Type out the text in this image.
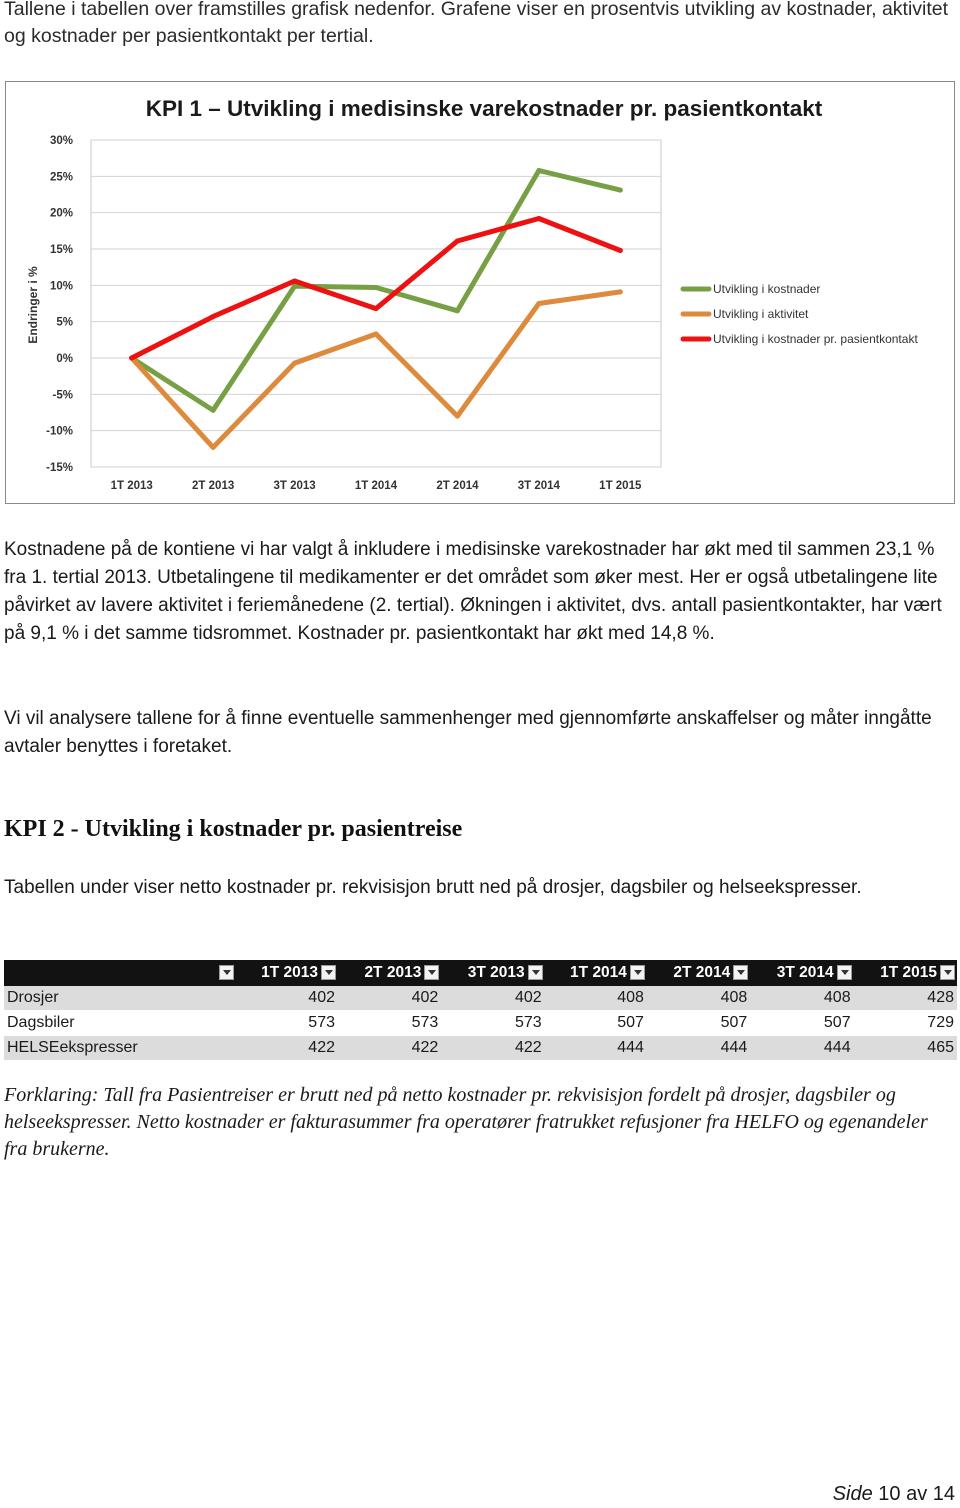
Tallene i tabellen over framstilles grafisk nedenfor. Grafene viser en prosentvis utvikling av kostnader, aktivitet og kostnader per pasientkontakt per tertial.

KPI 1 – Utvikling i medisinske varekostnader pr. pasientkontakt
Endringer i %
30%
25%
20%
15%
10%
5%
0%
-5%
-10%
-15%
1T 2013	2T 2013	3T 2013	1T 2014	2T 2014	3T 2014	1T 2015
Utvikling i kostnader
Utvikling i aktivitet
Utvikling i kostnader pr. pasientkontakt

Kostnadene på de kontiene vi har valgt å inkludere i medisinske varekostnader har økt med til sammen 23,1 % fra 1. tertial 2013. Utbetalingene til medikamenter er det området som øker mest. Her er også utbetalingene lite påvirket av lavere aktivitet i feriemånedene (2. tertial). Økningen i aktivitet, dvs. antall pasientkontakter, har vært på 9,1 % i det samme tidsrommet. Kostnader pr. pasientkontakt har økt med 14,8 %.

Vi vil analysere tallene for å finne eventuelle sammenhenger med gjennomførte anskaffelser og måter inngåtte avtaler benyttes i foretaket.

KPI 2 - Utvikling i kostnader pr. pasientreise

Tabellen under viser netto kostnader pr. rekvisisjon brutt ned på drosjer, dagsbiler og helseekspresser.

	1T 2013	2T 2013	3T 2013	1T 2014	2T 2014	3T 2014	1T 2015

Drosjer	402	402	402	408	408	408	428
Dagsbiler	573	573	573	507	507	507	729
HELSEekspresser	422	422	422	444	444	444	465

Forklaring: Tall fra Pasientreiser er brutt ned på netto kostnader pr. rekvisisjon fordelt på drosjer, dagsbiler og helseekspresser. Netto kostnader er fakturasummer fra operatører fratrukket refusjoner fra HELFO og egenandeler fra brukerne.

Side 10 av 14
